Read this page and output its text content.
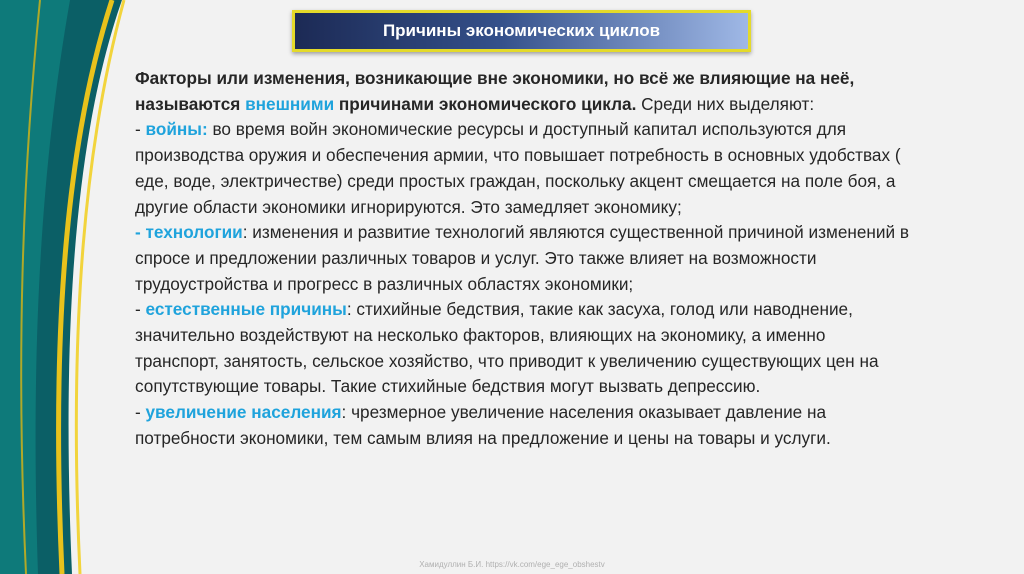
Причины экономических циклов

Факторы или изменения, возникающие вне экономики, но всё же влияющие на неё, называются внешними причинами экономического цикла. Среди них выделяют:

- войны: во время войн экономические ресурсы и доступный капитал используются для производства оружия и обеспечения армии, что повышает потребность в основных удобствах ( еде, воде, электричестве) среди простых граждан, поскольку акцент смещается на поле боя, а другие области экономики игнорируются. Это замедляет экономику;

- технологии: изменения и развитие технологий являются существенной причиной изменений в спросе и предложении различных товаров и услуг. Это также влияет на возможности трудоустройства и прогресс в различных областях экономики;

- естественные причины: стихийные бедствия, такие как засуха, голод или наводнение, значительно воздействуют на несколько факторов, влияющих на экономику, а именно транспорт, занятость, сельское хозяйство, что приводит к увеличению существующих цен на сопутствующие товары. Такие стихийные бедствия могут вызвать депрессию.

- увеличение населения: чрезмерное увеличение населения оказывает давление на потребности экономики, тем самым влияя на предложение и цены на товары и услуги.

Хамидуллин Б.И. https://vk.com/ege_ege_obshestv
